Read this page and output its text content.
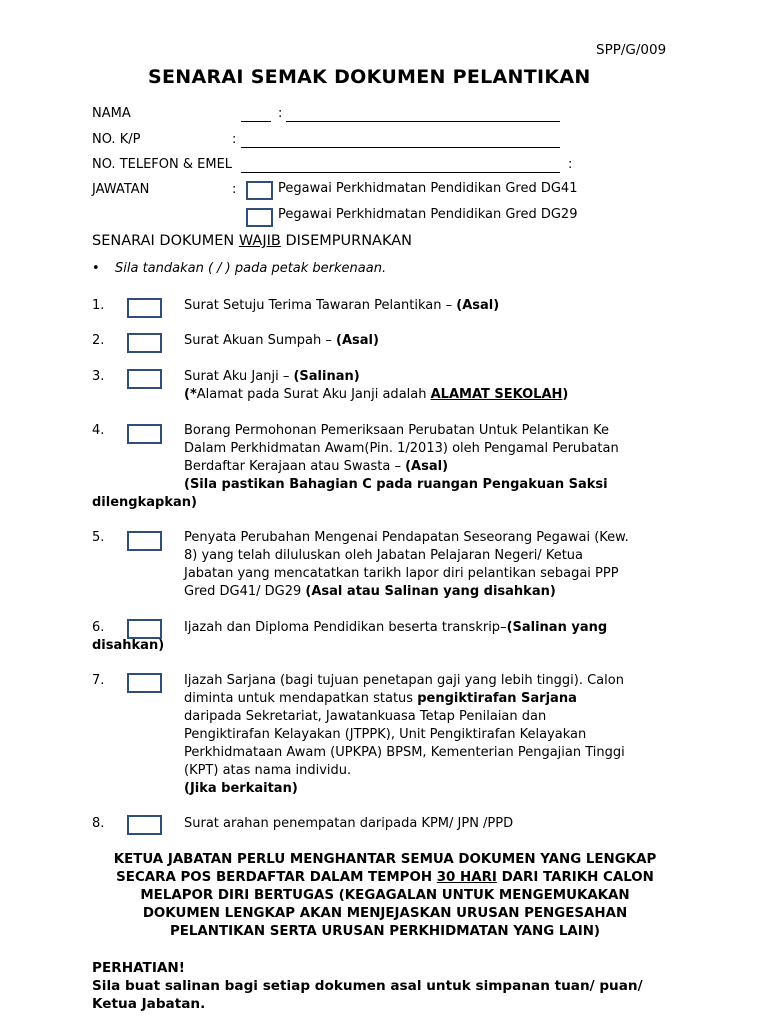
SPP/G/009
SENARAI SEMAK DOKUMEN PELANTIKAN
NAMA	:
NO. K/P	:
NO. TELEFON & EMEL	:
JAWATAN	:	Pegawai Perkhidmatan Pendidikan Gred DG41
Pegawai Perkhidmatan Pendidikan Gred DG29
SENARAI DOKUMEN WAJIB DISEMPURNAKAN
• Sila tandakan ( / ) pada petak berkenaan.
1.	Surat Setuju Terima Tawaran Pelantikan – (Asal)
2.	Surat Akuan Sumpah – (Asal)
3.	Surat Aku Janji – (Salinan)
(*Alamat pada Surat Aku Janji adalah ALAMAT SEKOLAH)
4.	Borang Permohonan Pemeriksaan Perubatan Untuk Pelantikan Ke
Dalam Perkhidmatan Awam(Pin. 1/2013) oleh Pengamal Perubatan
Berdaftar Kerajaan atau Swasta – (Asal)
(Sila pastikan Bahagian C pada ruangan Pengakuan Saksi
dilengkapkan)
5.	Penyata Perubahan Mengenai Pendapatan Seseorang Pegawai (Kew.
8) yang telah diluluskan oleh Jabatan Pelajaran Negeri/ Ketua
Jabatan yang mencatatkan tarikh lapor diri pelantikan sebagai PPP
Gred DG41/ DG29 (Asal atau Salinan yang disahkan)
6.	Ijazah dan Diploma Pendidikan beserta transkrip–(Salinan yang
disahkan)
7.	Ijazah Sarjana (bagi tujuan penetapan gaji yang lebih tinggi). Calon
diminta untuk mendapatkan status pengiktirafan Sarjana
daripada Sekretariat, Jawatankuasa Tetap Penilaian dan
Pengiktirafan Kelayakan (JTPPK), Unit Pengiktirafan Kelayakan
Perkhidmataan Awam (UPKPA) BPSM, Kementerian Pengajian Tinggi
(KPT) atas nama individu.
(Jika berkaitan)
8.	Surat arahan penempatan daripada KPM/ JPN /PPD
KETUA JABATAN PERLU MENGHANTAR SEMUA DOKUMEN YANG LENGKAP
SECARA POS BERDAFTAR DALAM TEMPOH 30 HARI DARI TARIKH CALON
MELAPOR DIRI BERTUGAS (KEGAGALAN UNTUK MENGEMUKAKAN
DOKUMEN LENGKAP AKAN MENJEJASKAN URUSAN PENGESAHAN
PELANTIKAN SERTA URUSAN PERKHIDMATAN YANG LAIN)
PERHATIAN!
Sila buat salinan bagi setiap dokumen asal untuk simpanan tuan/ puan/
Ketua Jabatan.
